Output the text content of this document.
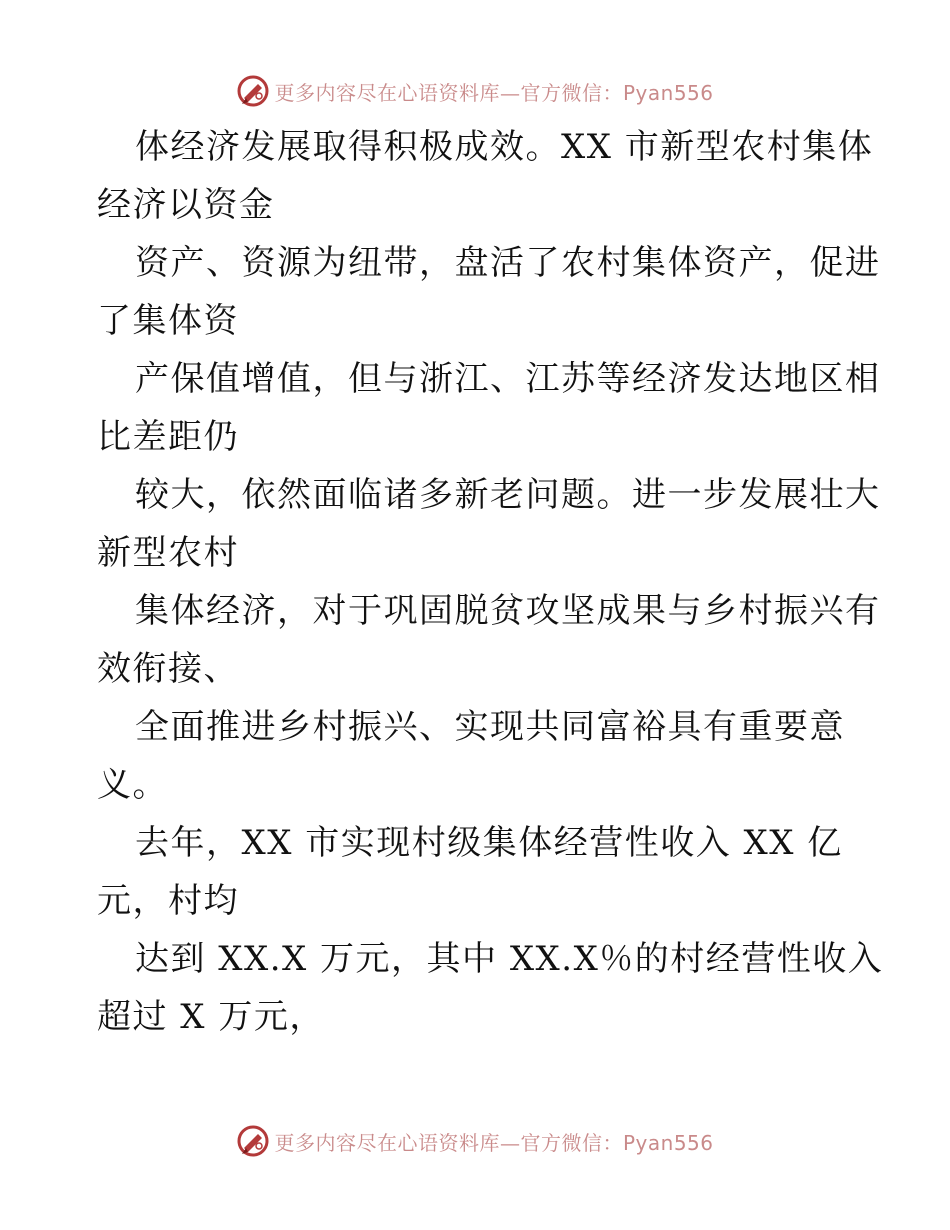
更多内容尽在心语资料库—官方微信：Pyan556
体经济发展取得积极成效。XX 市新型农村集体
经济以资金
资产、资源为纽带，盘活了农村集体资产，促进
了集体资
产保值增值，但与浙江、江苏等经济发达地区相
比差距仍
较大，依然面临诸多新老问题。进一步发展壮大
新型农村
集体经济，对于巩固脱贫攻坚成果与乡村振兴有
效衔接、
全面推进乡村振兴、实现共同富裕具有重要意
义。
去年，XX 市实现村级集体经营性收入 XX 亿
元，村均
达到 XX.X 万元，其中 XX.X％的村经营性收入
超过 X 万元，
更多内容尽在心语资料库—官方微信：Pyan556
